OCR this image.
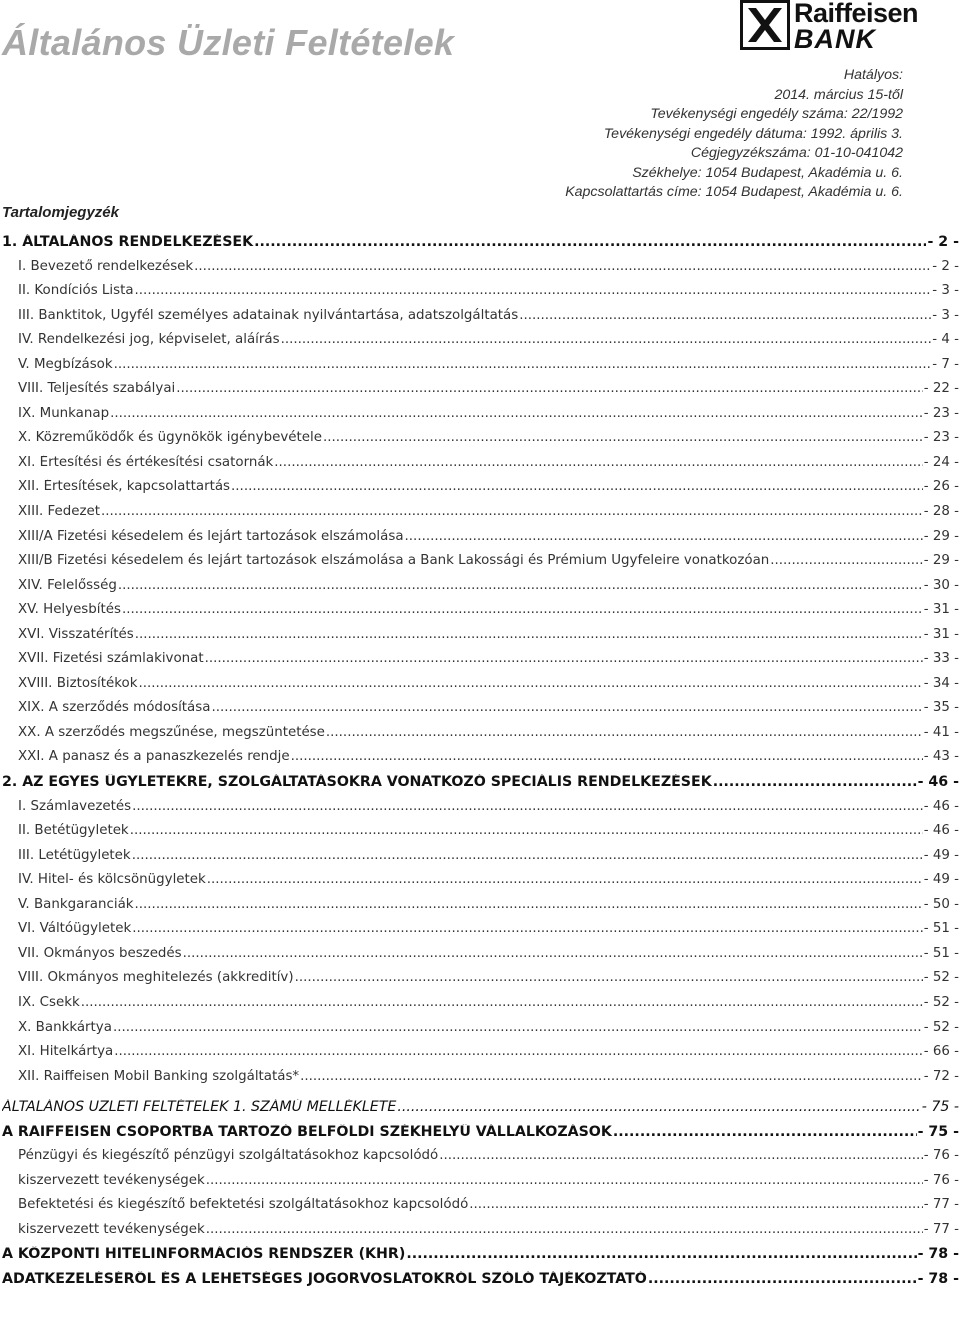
Általános Üzleti Feltételek
Raiffeisen
BANK
Hatályos:
2014. március 15-től
Tevékenységi engedély száma: 22/1992
Tevékenységi engedély dátuma: 1992. április 3.
Cégjegyzékszáma: 01-10-041042
Székhelye: 1054 Budapest, Akadémia u. 6.
Kapcsolattartás címe: 1054 Budapest, Akadémia u. 6.
Tartalomjegyzék
1. ÁLTALÁNOS RENDELKEZÉSEK .....	- 2 -
I. Bevezető rendelkezések .....	- 2 -
II. Kondíciós Lista .....	- 3 -
III. Banktitok, Ügyfél személyes adatainak nyilvántartása, adatszolgáltatás .....	- 3 -
IV. Rendelkezési jog, képviselet, aláírás .....	- 4 -
V. Megbízások .....	- 7 -
VIII. Teljesítés szabályai .....	- 22 -
IX. Munkanap .....	- 23 -
X. Közreműködők és ügynökök igénybevétele .....	- 23 -
XI. Értesítési és értékesítési csatornák .....	- 24 -
XII. Értesítések, kapcsolattartás .....	- 26 -
XIII. Fedezet .....	- 28 -
XIII/A Fizetési késedelem és lejárt tartozások elszámolása .....	- 29 -
XIII/B Fizetési késedelem és lejárt tartozások elszámolása a Bank Lakossági és Prémium Ügyfeleire vonatkozóan .....	- 29 -
XIV. Felelősség .....	- 30 -
XV. Helyesbítés .....	- 31 -
XVI. Visszatérítés .....	- 31 -
XVII. Fizetési számlakivonat .....	- 33 -
XVIII. Biztosítékok .....	- 34 -
XIX. A szerződés módosítása .....	- 35 -
XX. A szerződés megszűnése, megszüntetése .....	- 41 -
XXI. A panasz és a panaszkezelés rendje .....	- 43 -
2. AZ EGYES ÜGYLETEKRE, SZOLGÁLTATÁSOKRA VONATKOZÓ SPECIÁLIS RENDELKEZÉSEK .....	- 46 -
I. Számlavezetés .....	- 46 -
II. Betétügyletek .....	- 46 -
III. Letétügyletek .....	- 49 -
IV. Hitel- és kölcsönügyletek .....	- 49 -
V. Bankgaranciák .....	- 50 -
VI. Váltóügyletek .....	- 51 -
VII. Okmányos beszedés .....	- 51 -
VIII. Okmányos meghitelezés (akkreditív) .....	- 52 -
IX. Csekk .....	- 52 -
X. Bankkártya .....	- 52 -
XI. Hitelkártya .....	- 66 -
XII. Raiffeisen Mobil Banking szolgáltatás* .....	- 72 -
ÁLTALÁNOS ÜZLETI FELTÉTELEK 1. SZÁMÚ MELLÉKLETE .....	- 75 -
A RAIFFEISEN CSOPORTBA TARTOZÓ BELFÖLDI SZÉKHELYŰ VÁLLALKOZÁSOK .....	- 75 -
Pénzügyi és kiegészítő pénzügyi szolgáltatásokhoz kapcsolódó .....	- 76 -
kiszervezett tevékenységek .....	- 76 -
Befektetési és kiegészítő befektetési szolgáltatásokhoz kapcsolódó .....	- 77 -
kiszervezett tevékenységek .....	- 77 -
A KÖZPONTI HITELINFORMÁCIÓS RENDSZER (KHR) .....	- 78 -
ADATKEZELÉSÉRŐL ÉS A LEHETSÉGES JOGORVOSLATOKRÓL SZÓLÓ TÁJÉKOZTATÓ .....	- 78 -
